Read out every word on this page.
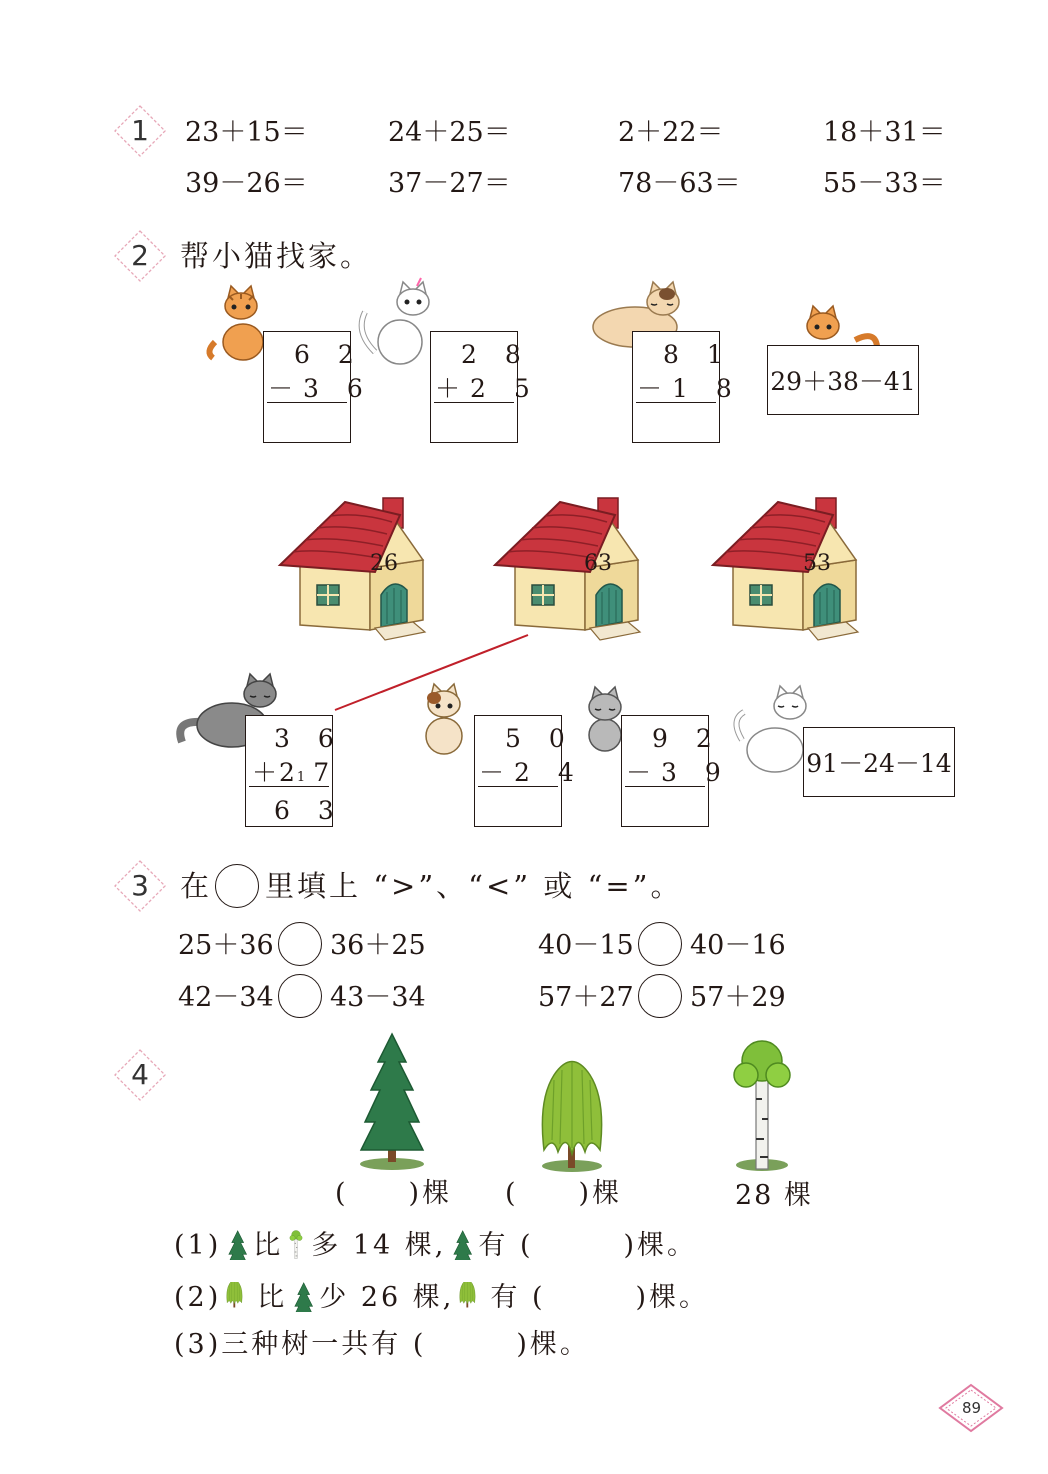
1	23＋15＝	24＋25＝	2＋22＝	18＋31＝
39－26＝	37－27＝	78－63＝	55－33＝
2	帮小猫找家。
6 2
－3 6
2 8
＋2 5
8 1
－1 8 29＋38－41
26	63	53
3 6
＋21 7
6 3
5 0
－2 4
9 2
－3 9	91－24－14
3	在 里填上 “>”、“<” 或 “=”。
25＋36 36＋25	40－15 40－16
42－34 43－34	57＋27 57＋29
4
(　　)棵 (　　)棵	28 棵
(1) 比 多 14 棵, 有 (　　　)棵。
(2) 比 少 26 棵, 有 (　　　)棵。
(3)三种树一共有 (　　　)棵。
89
